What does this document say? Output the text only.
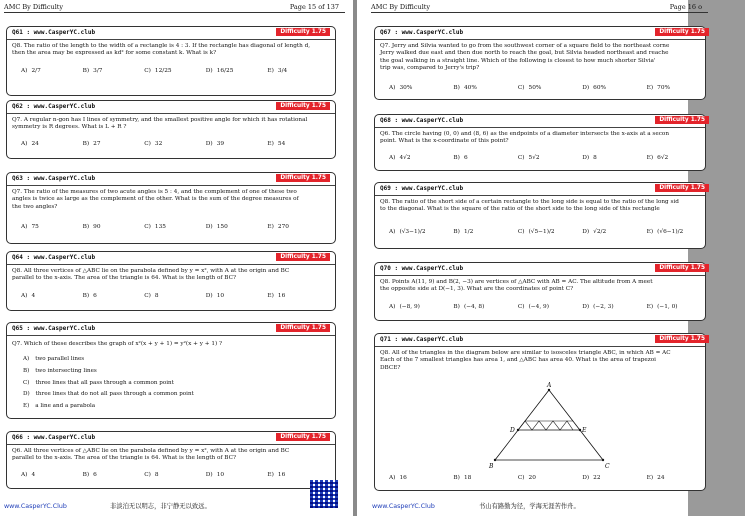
AMC By Difficulty	Page 15 of 137
Q61 : www.CasperYC.club	Difficulty 1.75
Q8. The ratio of the length to the width of a rectangle is 4 : 3. If the rectangle has diagonal of length d,
then the area may be expressed as kd² for some constant k. What is k?
A) 2/7	B) 3/7	C) 12/25	D) 16/25	E) 3/4
Q62 : www.CasperYC.club	Difficulty 1.75
Q7. A regular n-gon has I lines of symmetry, and the smallest positive angle for which it has rotational
symmetry is R degrees. What is L + R ?
A) 24	B) 27	C) 32	D) 39	E) 54
Q63 : www.CasperYC.club	Difficulty 1.75
Q7. The ratio of the measures of two acute angles is 5 : 4, and the complement of one of these two
angles is twice as large as the complement of the other. What is the sum of the degree measures of
the two angles?
A) 75	B) 90	C) 135	D) 150	E) 270
Q64 : www.CasperYC.club	Difficulty 1.75
Q8. All three vertices of △ABC lie on the parabola defined by y = x², with A at the origin and BC
parallel to the x-axis. The area of the triangle is 64. What is the length of BC?
A) 4	B) 6	C) 8	D) 10	E) 16
Q65 : www.CasperYC.club	Difficulty 1.75
Q7. Which of these describes the graph of x²(x + y + 1) = y²(x + y + 1) ?
A) two parallel lines
B) two intersecting lines
C) three lines that all pass through a common point
D) three lines that do not all pass through a common point
E) a line and a parabola
Q66 : www.CasperYC.club	Difficulty 1.75
Q6. All three vertices of △ABC lie on the parabola defined by y = x², with A at the origin and BC
parallel to the x-axis. The area of the triangle is 64. What is the length of BC?
A) 4	B) 6	C) 8	D) 10	E) 16
www.CasperYC.Club	非淡泊无以明志，非宁静无以致远。
AMC By Difficulty	Page 16 o
Q67 : www.CasperYC.club	Difficulty 1.75
Q7. Jerry and Silvia wanted to go from the southwest corner of a square field to the northeast corne
Jerry walked due east and then due north to reach the goal, but Silvia headed northeast and reache
the goal walking in a straight line. Which of the following is closest to how much shorter Silvia'
trip was, compared to Jerry's trip?
A) 30%	B) 40%	C) 50%	D) 60%	E) 70%
Q68 : www.CasperYC.club	Difficulty 1.75
Q6. The circle having (0, 0) and (8, 6) as the endpoints of a diameter intersects the x-axis at a secon
point. What is the x-coordinate of this point?
A) 4√2	B) 6	C) 5√2	D) 8	E) 6√2
Q69 : www.CasperYC.club	Difficulty 1.75
Q8. The ratio of the short side of a certain rectangle to the long side is equal to the ratio of the long sid
to the diagonal. What is the square of the ratio of the short side to the long side of this rectangle
A) (√3−1)/2	B) 1/2	C) (√5−1)/2	D) √2/2	E) (√6−1)/2
Q70 : www.CasperYC.club	Difficulty 1.75
Q8. Points A(11, 9) and B(2, −3) are vertices of △ABC with AB = AC. The altitude from A meet
the opposite side at D(−1, 3). What are the coordinates of point C?
A) (−8, 9)	B) (−4, 8)	C) (−4, 9)	D) (−2, 3)	E) (−1, 0)
Q71 : www.CasperYC.club	Difficulty 1.75
Q8. All of the triangles in the diagram below are similar to isosceles triangle ABC, in which AB = AC
Each of the 7 smallest triangles has area 1, and △ABC has area 40. What is the area of trapezoi
DBCE?
A
B	C
D	E
A) 16	B) 18	C) 20	D) 22	E) 24
www.CasperYC.Club	书山有路勤为径，学海无涯苦作舟。
